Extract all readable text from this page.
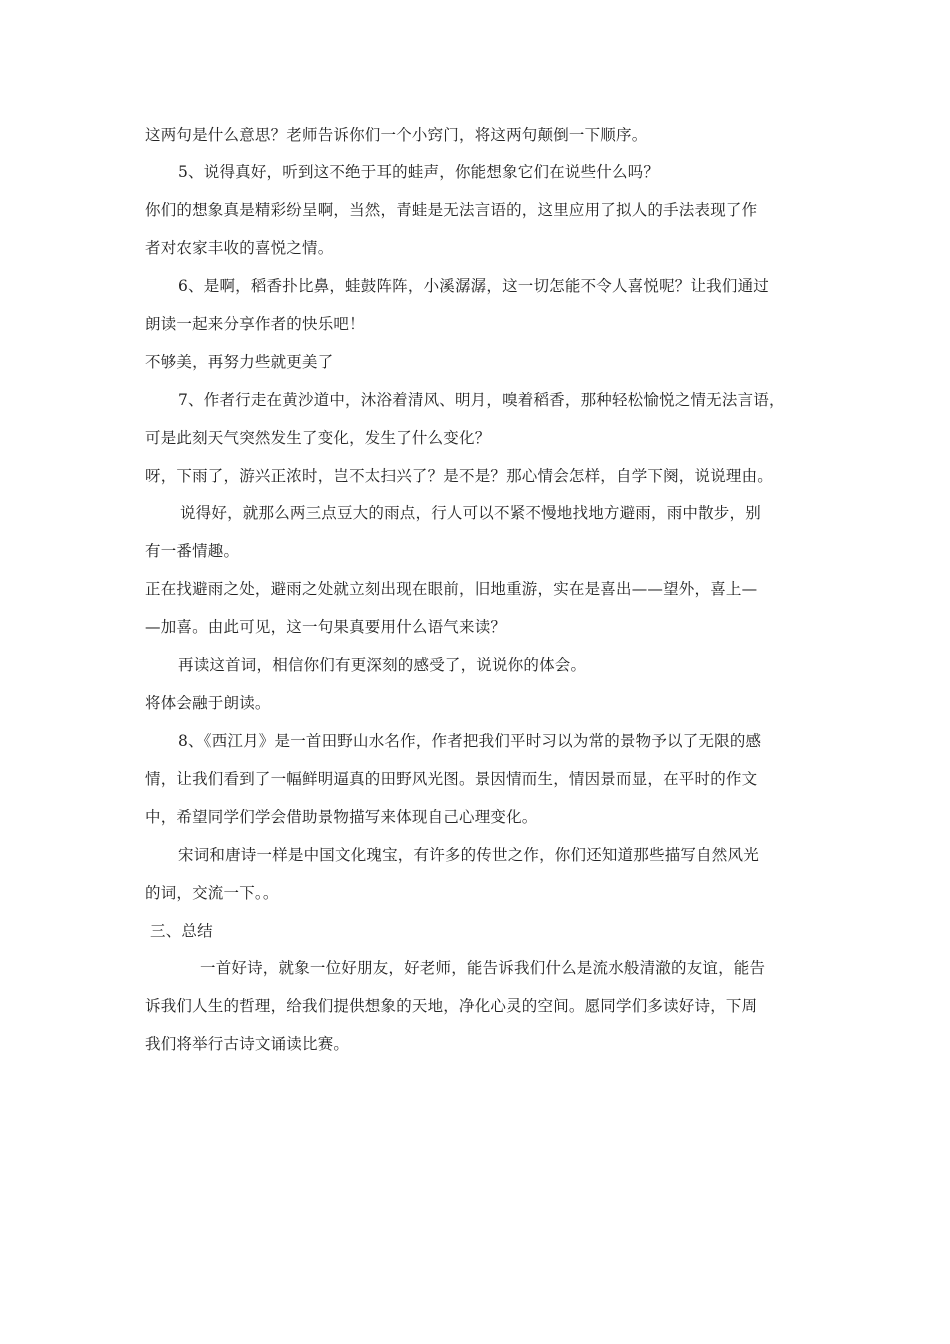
这两句是什么意思？老师告诉你们一个小窍门，将这两句颠倒一下顺序。
5、说得真好，听到这不绝于耳的蛙声，你能想象它们在说些什么吗？
你们的想象真是精彩纷呈啊，当然，青蛙是无法言语的，这里应用了拟人的手法表现了作
者对农家丰收的喜悦之情。
6、是啊，稻香扑比鼻，蛙鼓阵阵，小溪潺潺，这一切怎能不令人喜悦呢？让我们通过
朗读一起来分享作者的快乐吧！
不够美，再努力些就更美了
7、作者行走在黄沙道中，沐浴着清风、明月，嗅着稻香，那种轻松愉悦之情无法言语，
可是此刻天气突然发生了变化，发生了什么变化？
呀，下雨了，游兴正浓时，岂不太扫兴了？是不是？那心情会怎样，自学下阕，说说理由。
说得好，就那么两三点豆大的雨点，行人可以不紧不慢地找地方避雨，雨中散步，别
有一番情趣。
正在找避雨之处，避雨之处就立刻出现在眼前，旧地重游，实在是喜出——望外，喜上—
—加喜。由此可见，这一句果真要用什么语气来读？
再读这首词，相信你们有更深刻的感受了，说说你的体会。
将体会融于朗读。
8、《西江月》是一首田野山水名作，作者把我们平时习以为常的景物予以了无限的感
情，让我们看到了一幅鲜明逼真的田野风光图。景因情而生，情因景而显，在平时的作文
中，希望同学们学会借助景物描写来体现自己心理变化。
宋词和唐诗一样是中国文化瑰宝，有许多的传世之作，你们还知道那些描写自然风光
的词，交流一下。。
三、总结
一首好诗，就象一位好朋友，好老师，能告诉我们什么是流水般清澈的友谊，能告
诉我们人生的哲理，给我们提供想象的天地，净化心灵的空间。愿同学们多读好诗，下周
我们将举行古诗文诵读比赛。
